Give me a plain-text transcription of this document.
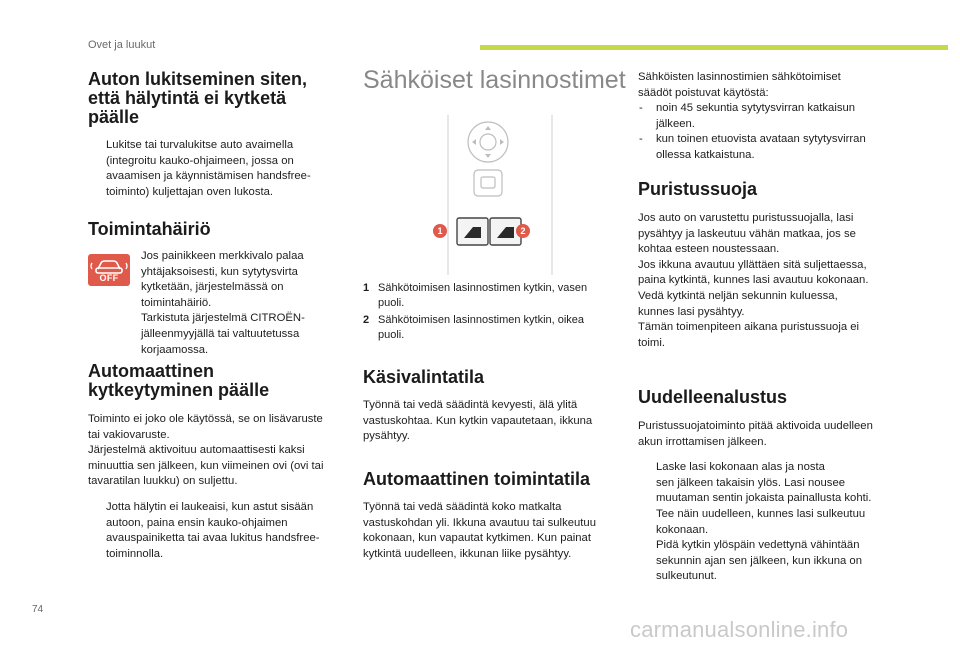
Ovet ja luukut
Auton lukitseminen siten,
että hälytintä ei kytketä
päälle
Lukitse tai turvalukitse auto avaimella
(integroitu kauko-ohjaimeen, jossa on
avaamisen ja käynnistämisen handsfree-
toiminto) kuljettajan oven lukosta.
Toimintahäiriö
OFF

Jos painikkeen merkkivalo palaa
yhtäjaksoisesti, kun sytytysvirta
kytketään, järjestelmässä on
toimintahäiriö.
Tarkistuta järjestelmä CITROËN-
jälleenmyyjällä tai valtuutetussa
korjaamossa.

Automaattinen
kytkeytyminen päälle

Toiminto ei joko ole käytössä, se on lisävaruste
tai vakiovaruste.
Järjestelmä aktivoituu automaattisesti kaksi
minuuttia sen jälkeen, kun viimeinen ovi (ovi tai
tavaratilan luukku) on suljettu.

Jotta hälytin ei laukeaisi, kun astut sisään
autoon, paina ensin kauko-ohjaimen
avauspainiketta tai avaa lukitus handsfree-
toiminnolla.
Sähköiset lasinnostimet
1	2
1 Sähkötoimisen lasinnostimen kytkin, vasen
puoli.
2 Sähkötoimisen lasinnostimen kytkin, oikea
puoli.
Käsivalintatila

Työnnä tai vedä säädintä kevyesti, älä ylitä
vastuskohtaa. Kun kytkin vapautetaan, ikkuna
pysähtyy.

Automaattinen toimintatila

Työnnä tai vedä säädintä koko matkalta
vastuskohdan yli. Ikkuna avautuu tai sulkeutuu
kokonaan, kun vapautat kytkimen. Kun painat
kytkintä uudelleen, ikkunan liike pysähtyy.

Sähköisten lasinnostimien sähkötoimiset
säädöt poistuvat käytöstä:

- noin 45 sekuntia sytytysvirran katkaisun
jälkeen.
- kun toinen etuovista avataan sytytysvirran
ollessa katkaistuna.
Puristussuoja

Jos auto on varustettu puristussuojalla, lasi
pysähtyy ja laskeutuu vähän matkaa, jos se
kohtaa esteen noustessaan.
Jos ikkuna avautuu yllättäen sitä suljettaessa,
paina kytkintä, kunnes lasi avautuu kokonaan.
Vedä kytkintä neljän sekunnin kuluessa,
kunnes lasi pysähtyy.
Tämän toimenpiteen aikana puristussuoja ei
toimi.

Uudelleenalustus

Puristussuojatoiminto pitää aktivoida uudelleen
akun irrottamisen jälkeen.

Laske lasi kokonaan alas ja nosta
sen jälkeen takaisin ylös. Lasi nousee
muutaman sentin jokaista painallusta kohti.
Tee näin uudelleen, kunnes lasi sulkeutuu
kokonaan.
Pidä kytkin ylöspäin vedettynä vähintään
sekunnin ajan sen jälkeen, kun ikkuna on
sulkeutunut.
74
carmanualsonline.info
